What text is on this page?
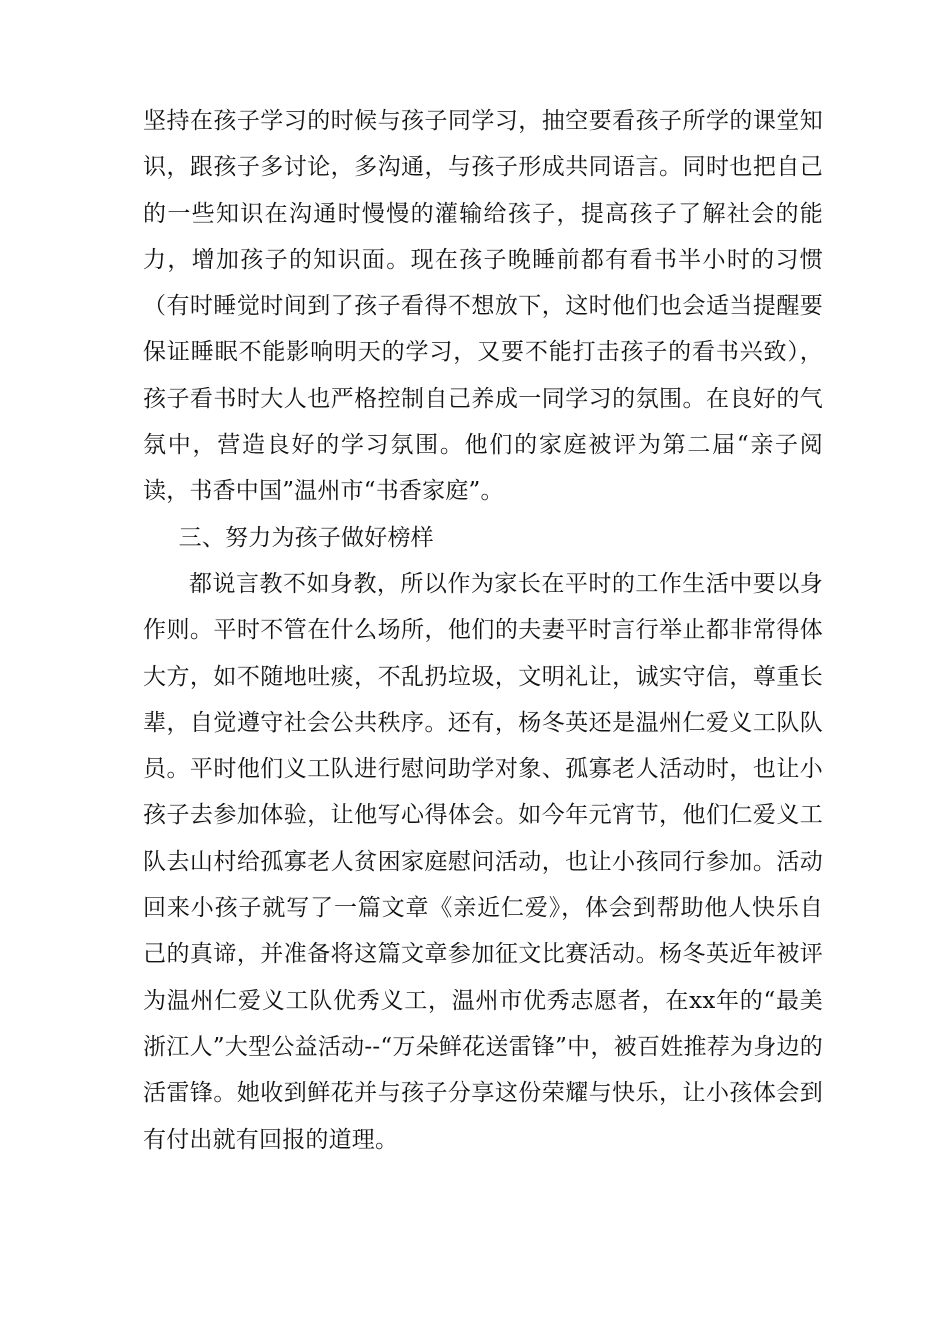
坚持在孩子学习的时候与孩子同学习，抽空要看孩子所学的课堂知识，跟孩子多讨论，多沟通，与孩子形成共同语言。同时也把自己的一些知识在沟通时慢慢的灌输给孩子，提高孩子了解社会的能力，增加孩子的知识面。现在孩子晚睡前都有看书半小时的习惯（有时睡觉时间到了孩子看得不想放下，这时他们也会适当提醒要保证睡眠不能影响明天的学习，又要不能打击孩子的看书兴致），孩子看书时大人也严格控制自己养成一同学习的氛围。在良好的气氛中，营造良好的学习氛围。他们的家庭被评为第二届“亲子阅读，书香中国”温州市“书香家庭”。

三、努力为孩子做好榜样

都说言教不如身教，所以作为家长在平时的工作生活中要以身作则。平时不管在什么场所，他们的夫妻平时言行举止都非常得体大方，如不随地吐痰，不乱扔垃圾，文明礼让，诚实守信，尊重长辈，自觉遵守社会公共秩序。还有，杨冬英还是温州仁爱义工队队员。平时他们义工队进行慰问助学对象、孤寡老人活动时，也让小孩子去参加体验，让他写心得体会。如今年元宵节，他们仁爱义工队去山村给孤寡老人贫困家庭慰问活动，也让小孩同行参加。活动回来小孩子就写了一篇文章《亲近仁爱》，体会到帮助他人快乐自己的真谛，并准备将这篇文章参加征文比赛活动。杨冬英近年被评为温州仁爱义工队优秀义工，温州市优秀志愿者，在xx年的“最美浙江人”大型公益活动--“万朵鲜花送雷锋”中，被百姓推荐为身边的活雷锋。她收到鲜花并与孩子分享这份荣耀与快乐，让小孩体会到有付出就有回报的道理。
